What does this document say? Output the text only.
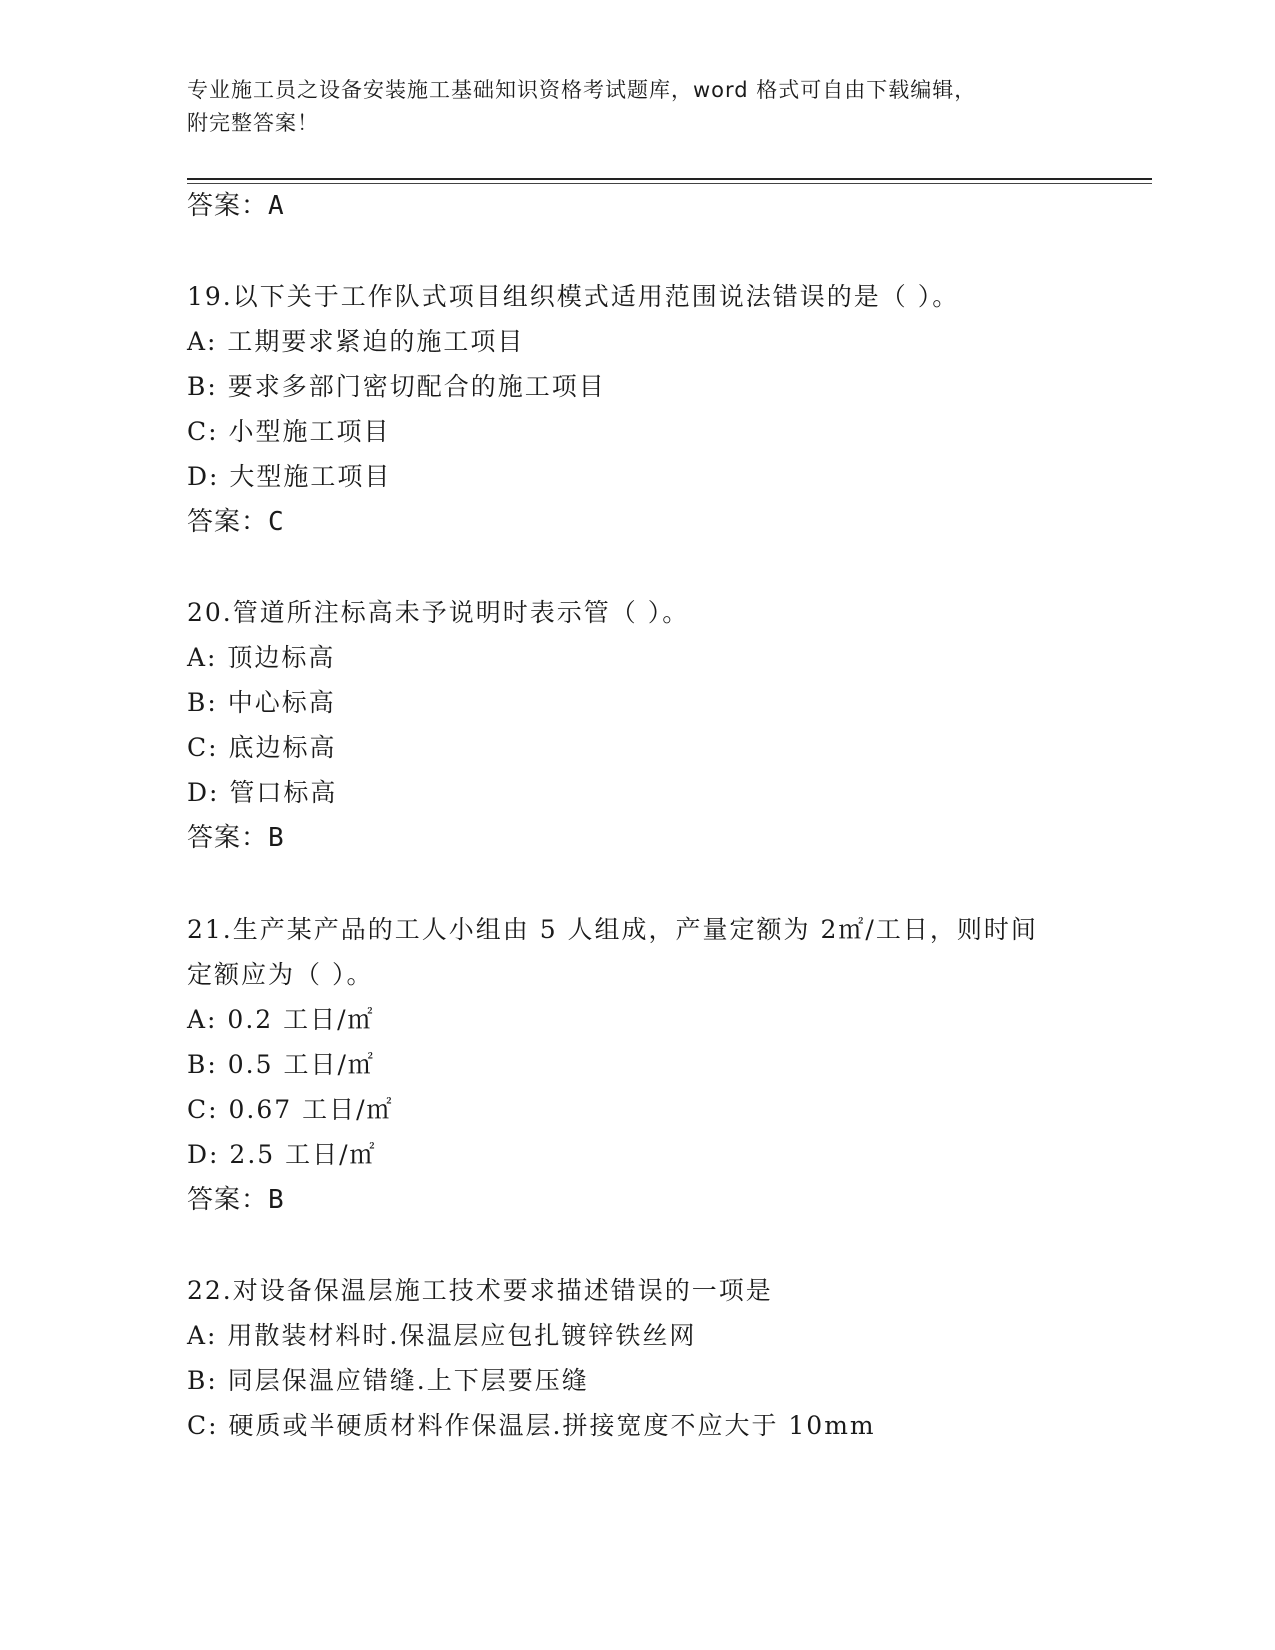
专业施工员之设备安装施工基础知识资格考试题库，word 格式可自由下载编辑，
附完整答案！
答案：A
19.以下关于工作队式项目组织模式适用范围说法错误的是（ ）。
A: 工期要求紧迫的施工项目
B: 要求多部门密切配合的施工项目
C: 小型施工项目
D: 大型施工项目
答案：C
20.管道所注标高未予说明时表示管（ ）。
A: 顶边标高
B: 中心标高
C: 底边标高
D: 管口标高
答案：B
21.生产某产品的工人小组由 5 人组成，产量定额为 2㎡/工日，则时间
定额应为（ ）。
A: 0.2 工日/㎡
B: 0.5 工日/㎡
C: 0.67 工日/㎡
D: 2.5 工日/㎡
答案：B
22.对设备保温层施工技术要求描述错误的一项是
A: 用散装材料时.保温层应包扎镀锌铁丝网
B: 同层保温应错缝.上下层要压缝
C: 硬质或半硬质材料作保温层.拼接宽度不应大于 10mm
